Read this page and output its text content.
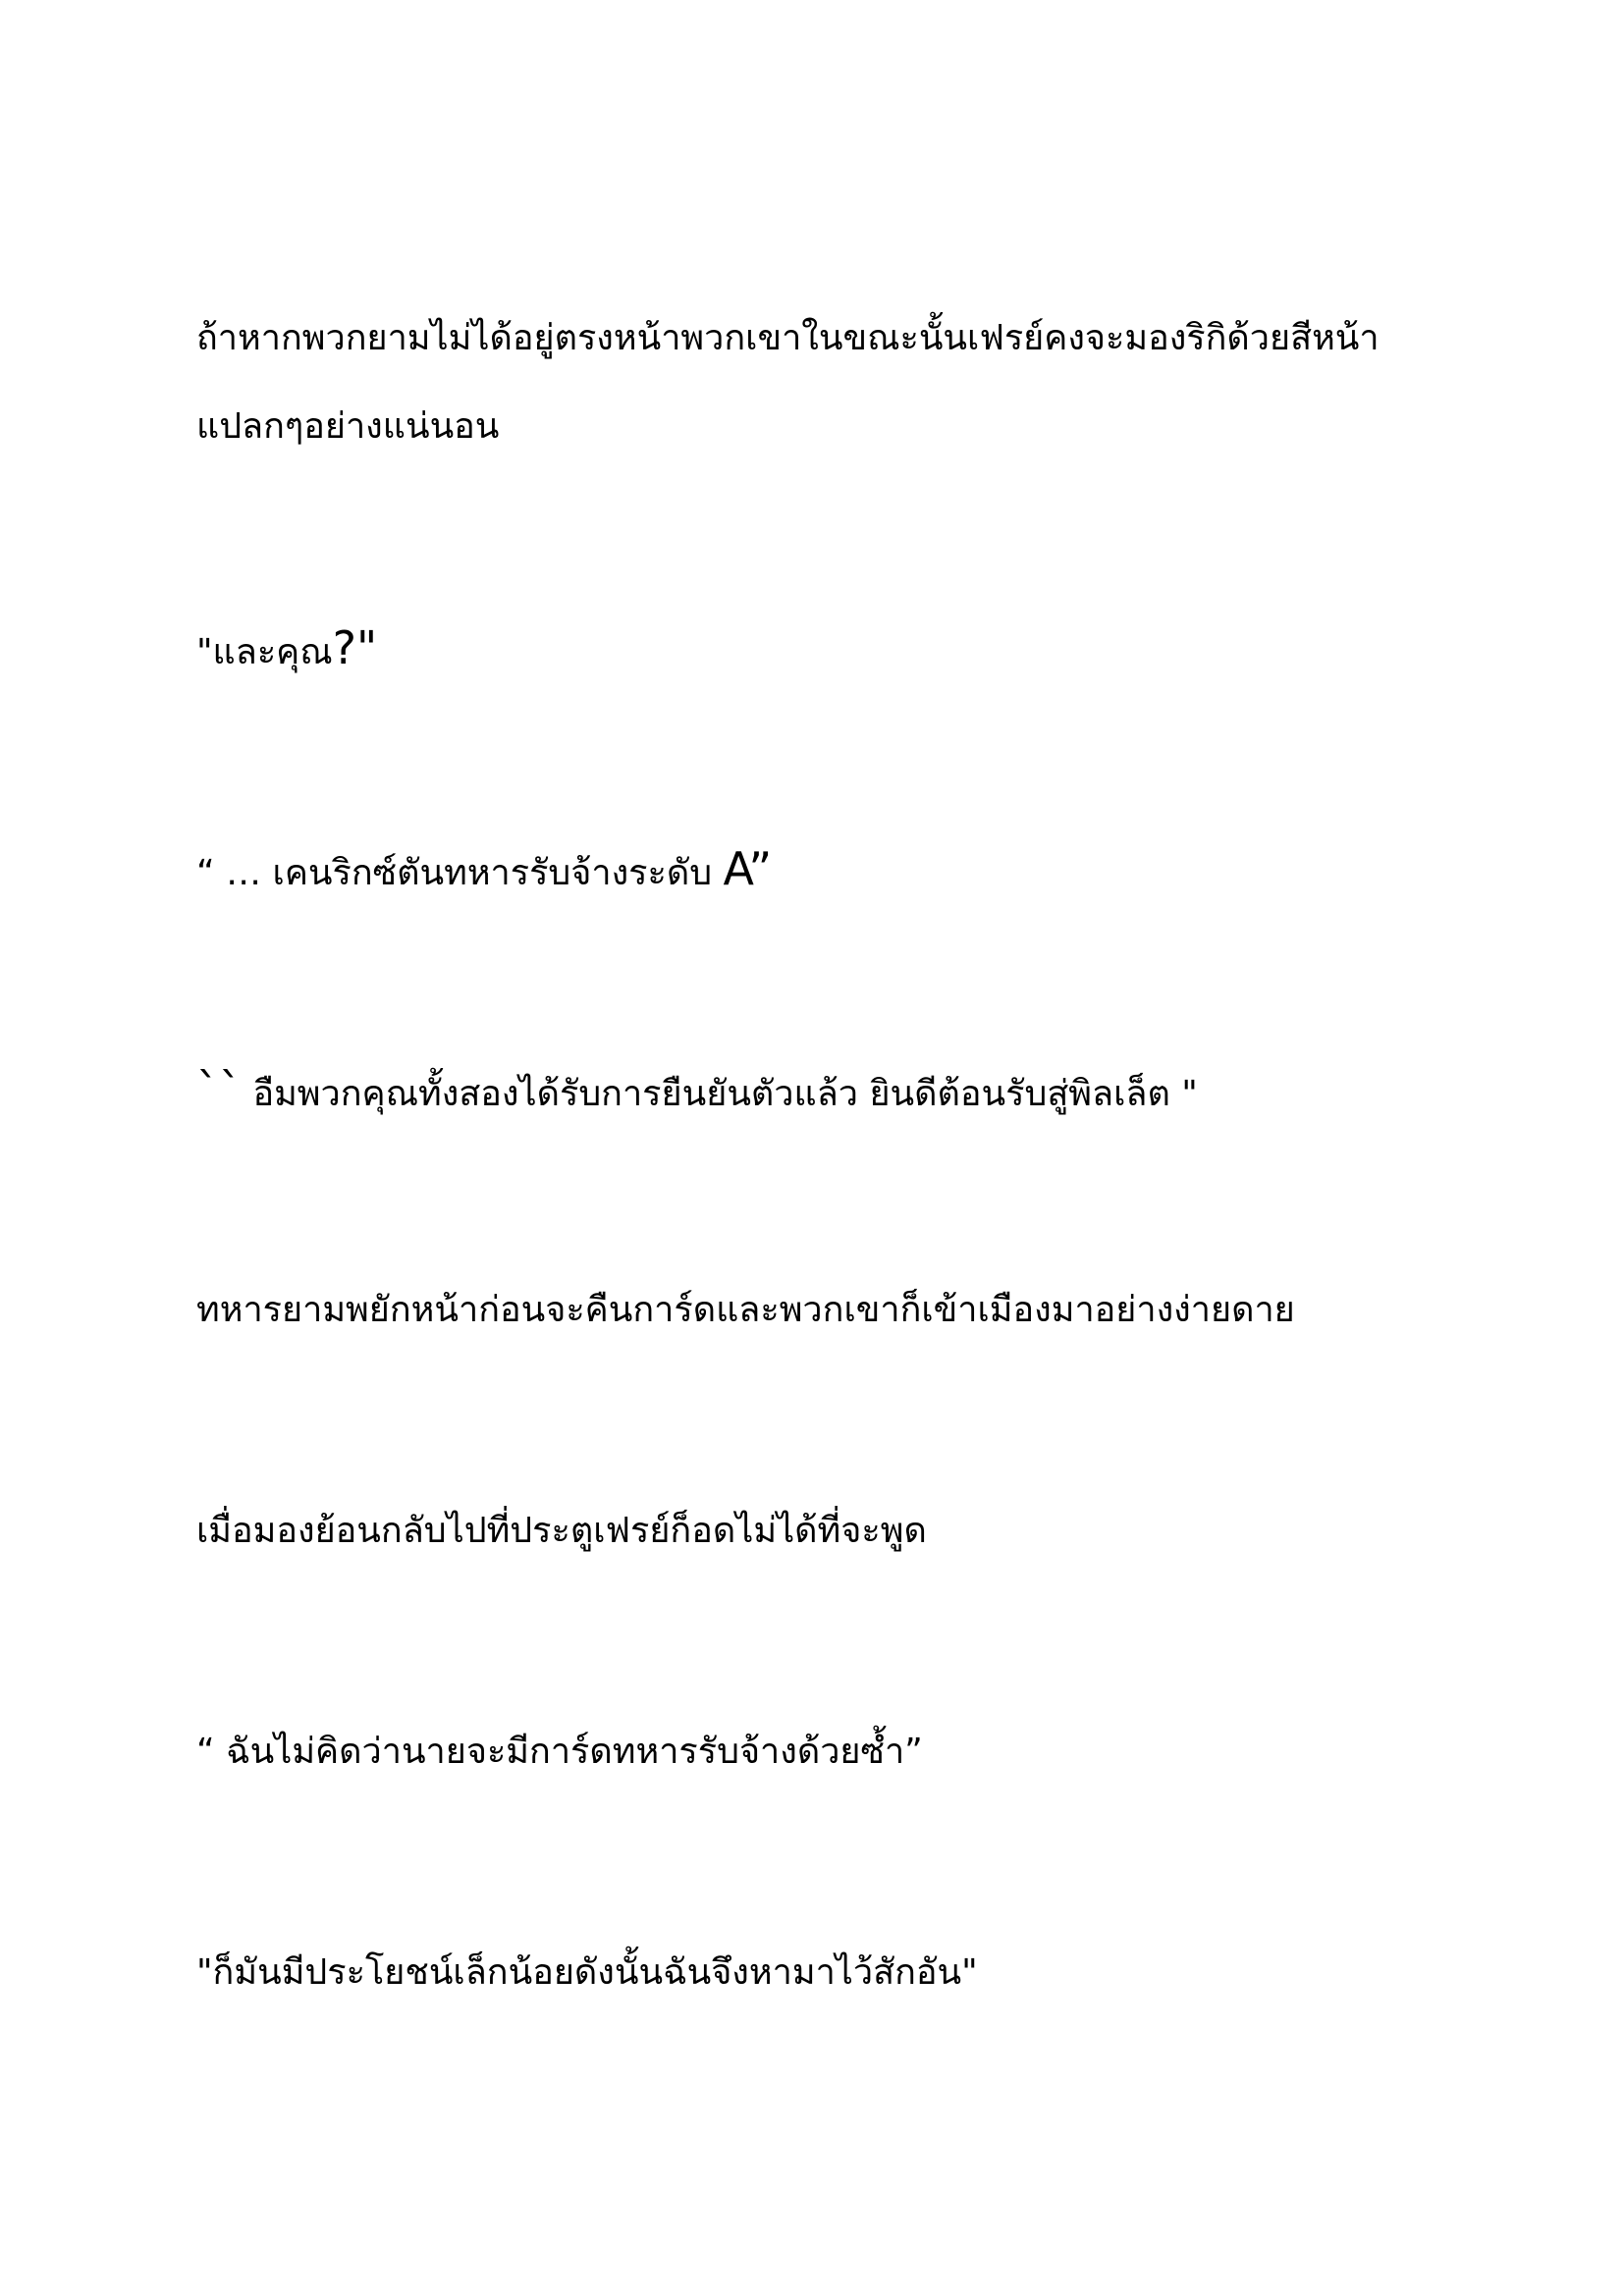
ถ้าหากพวกยามไม่ได้อยู่ตรงหน้าพวกเขาในขณะนั้นเฟรย์คงจะมองริกิด้วยสีหน้า
แปลกๆอย่างแน่นอน

"และคุณ?"

“ … เคนริกซ์ตันทหารรับจ้างระดับ A”

`` อืมพวกคุณทั้งสองได้รับการยืนยันตัวแล้ว ยินดีต้อนรับสู่พิลเล็ต "

ทหารยามพยักหน้าก่อนจะคืนการ์ดและพวกเขาก็เข้าเมืองมาอย่างง่ายดาย

เมื่อมองย้อนกลับไปที่ประตูเฟรย์ก็อดไม่ได้ที่จะพูด

“ ฉันไม่คิดว่านายจะมีการ์ดทหารรับจ้างด้วยซ้ำ”

"ก็มันมีประโยชน์เล็กน้อยดังนั้นฉันจึงหามาไว้สักอัน"
